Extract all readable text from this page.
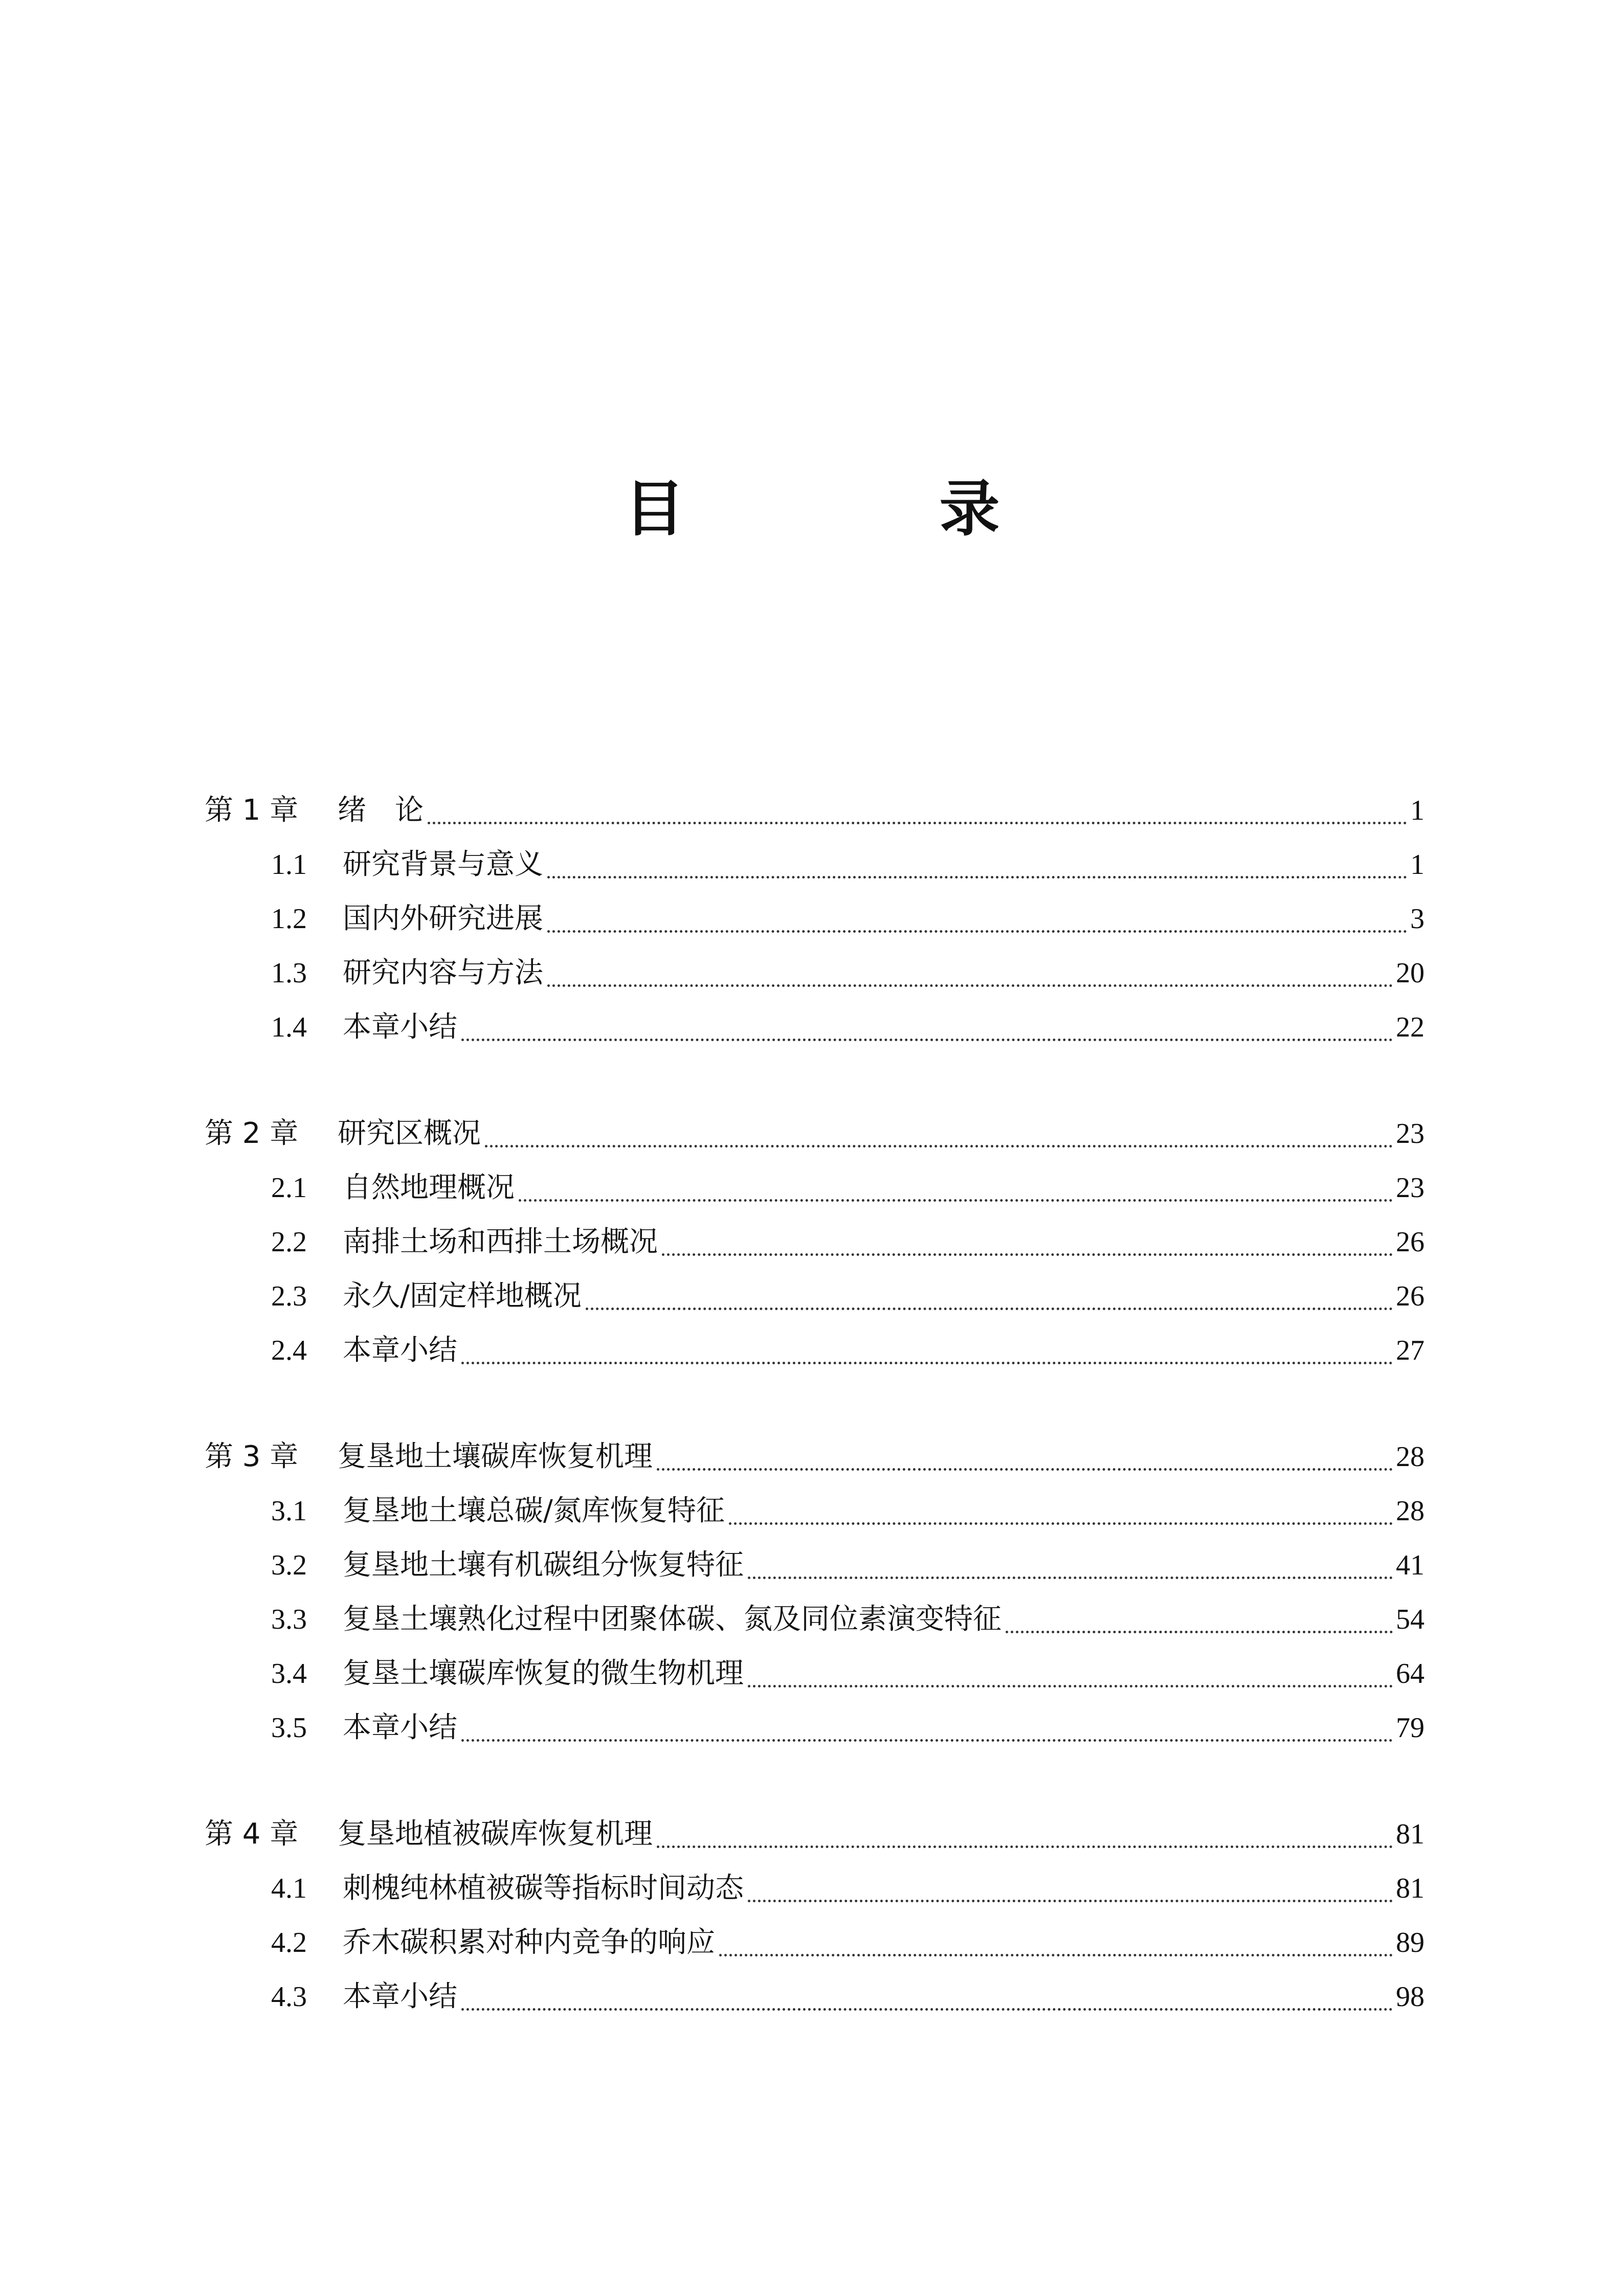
目　录
第 1 章	绪　论	1
1.1	研究背景与意义	1
1.2	国内外研究进展	3
1.3	研究内容与方法	20
1.4	本章小结	22
第 2 章	研究区概况	23
2.1	自然地理概况	23
2.2	南排土场和西排土场概况	26
2.3	永久/固定样地概况	26
2.4	本章小结	27
第 3 章	复垦地土壤碳库恢复机理	28
3.1	复垦地土壤总碳/氮库恢复特征	28
3.2	复垦地土壤有机碳组分恢复特征	41
3.3	复垦土壤熟化过程中团聚体碳、氮及同位素演变特征	54
3.4	复垦土壤碳库恢复的微生物机理	64
3.5	本章小结	79
第 4 章	复垦地植被碳库恢复机理	81
4.1	刺槐纯林植被碳等指标时间动态	81
4.2	乔木碳积累对种内竞争的响应	89
4.3	本章小结	98
